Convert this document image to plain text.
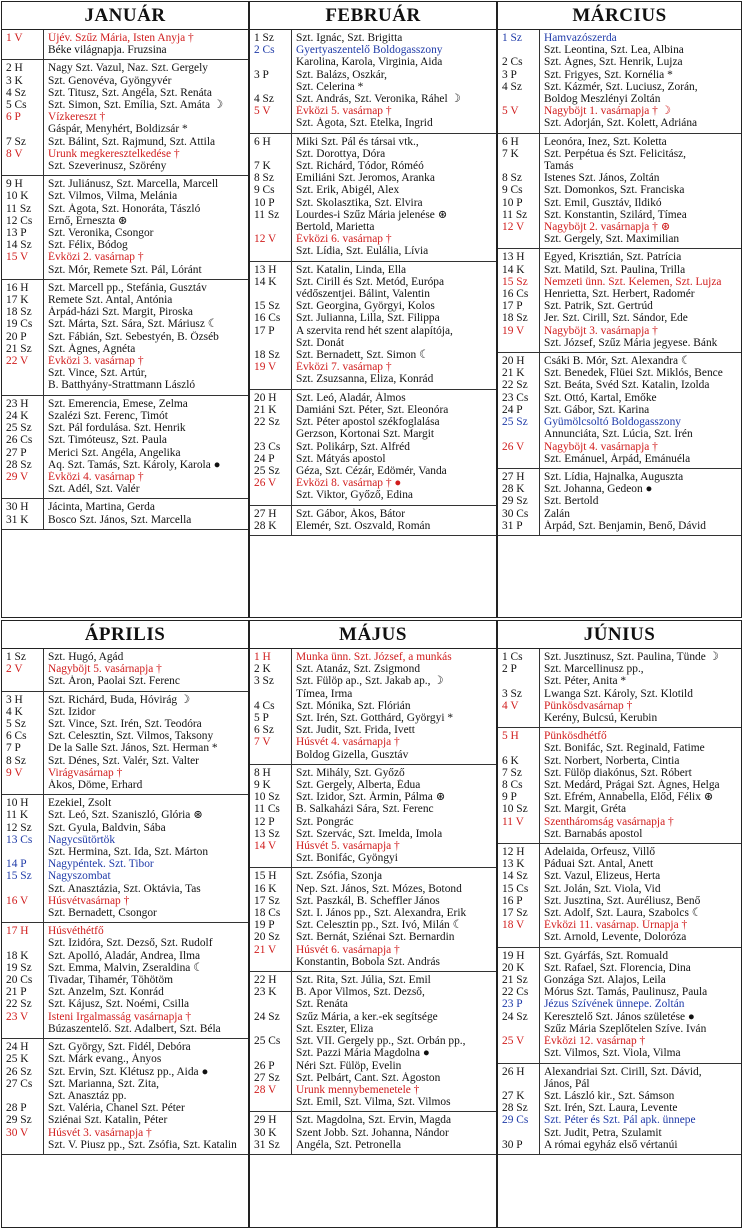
JANUÁR
1 V	Újév. Szűz Mária, Isten Anyja †
Béke világnapja. Fruzsina
2 H	Nagy Szt. Vazul, Naz. Szt. Gergely
3 K	Szt. Genovéva, Gyöngyvér
4 Sz	Szt. Titusz, Szt. Angéla, Szt. Renáta
5 Cs	Szt. Simon, Szt. Emília, Szt. Amáta ☽
6 P	Vízkereszt †
Gáspár, Menyhért, Boldizsár *
7 Sz	Szt. Bálint, Szt. Rajmund, Szt. Attila
8 V	Urunk megkeresztelkedése †
Szt. Szeverinusz, Szörény
9 H	Szt. Juliánusz, Szt. Marcella, Marcell
10 K	Szt. Vilmos, Vilma, Melánia
11 Sz	Szt. Ágota, Szt. Honoráta, Tászló
12 Cs	Ernő, Erneszta ⊛
13 P	Szt. Veronika, Csongor
14 Sz	Szt. Félix, Bódog
15 V	Évközi 2. vasárnap †
Szt. Mór, Remete Szt. Pál, Lóránt
16 H	Szt. Marcell pp., Stefánia, Gusztáv
17 K	Remete Szt. Antal, Antónia
18 Sz	Árpád-házi Szt. Margit, Piroska
19 Cs	Szt. Márta, Szt. Sára, Szt. Máriusz ☾
20 P	Szt. Fábián, Szt. Sebestyén, B. Özséb
21 Sz	Szt. Ágnes, Agnéta
22 V	Évközi 3. vasárnap †
Szt. Vince, Szt. Artúr,
B. Batthyány-Strattmann László
23 H	Szt. Emerencia, Emese, Zelma
24 K	Szalézi Szt. Ferenc, Timót
25 Sz	Szt. Pál fordulása. Szt. Henrik
26 Cs	Szt. Timóteusz, Szt. Paula
27 P	Merici Szt. Angéla, Angelika
28 Sz	Aq. Szt. Tamás, Szt. Károly, Karola ●
29 V	Évközi 4. vasárnap †
Szt. Adél, Szt. Valér
30 H	Jácinta, Martina, Gerda
31 K	Bosco Szt. János, Szt. Marcella
FEBRUÁR
1 Sz	Szt. Ignác, Szt. Brigitta
2 Cs	Gyertyaszentelő Boldogasszony
Karolina, Karola, Virginia, Aida
3 P	Szt. Balázs, Oszkár,
Szt. Celerina *
4 Sz	Szt. András, Szt. Veronika, Ráhel ☽
5 V	Évközi 5. vasárnap †
Szt. Ágota, Szt. Etelka, Ingrid
6 H	Miki Szt. Pál és társai vtk.,
Szt. Dorottya, Dóra
7 K	Szt. Richárd, Tódor, Róméó
8 Sz	Emiliáni Szt. Jeromos, Aranka
9 Cs	Szt. Erik, Abigél, Alex
10 P	Szt. Skolasztika, Szt. Elvira
11 Sz	Lourdes-i Szűz Mária jelenése ⊛
Bertold, Marietta
12 V	Évközi 6. vasárnap †
Szt. Lídia, Szt. Eulália, Lívia
13 H	Szt. Katalin, Linda, Ella
14 K	Szt. Cirill és Szt. Metód, Európa
védőszentjei. Bálint, Valentin
15 Sz	Szt. Georgina, Györgyi, Kolos
16 Cs	Szt. Julianna, Lilla, Szt. Filippa
17 P	A szervita rend hét szent alapítója,
Szt. Donát
18 Sz	Szt. Bernadett, Szt. Simon ☾
19 V	Évközi 7. vasárnap †
Szt. Zsuzsanna, Eliza, Konrád
20 H	Szt. Leó, Aladár, Álmos
21 K	Damiáni Szt. Péter, Szt. Eleonóra
22 Sz	Szt. Péter apostol székfoglalása
Gerzson, Kortonai Szt. Margit
23 Cs	Szt. Polikárp, Szt. Alfréd
24 P	Szt. Mátyás apostol
25 Sz	Géza, Szt. Cézár, Edömér, Vanda
26 V	Évközi 8. vasárnap † ●
Szt. Viktor, Győző, Edina
27 H	Szt. Gábor, Ákos, Bátor
28 K	Elemér, Szt. Oszvald, Román
MÁRCIUS
1 Sz	Hamvazószerda
Szt. Leontina, Szt. Lea, Albina
2 Cs	Szt. Ágnes, Szt. Henrik, Lujza
3 P	Szt. Frigyes, Szt. Kornélia *
4 Sz	Szt. Kázmér, Szt. Luciusz, Zorán,
Boldog Meszlényi Zoltán
5 V	Nagyböjt 1. vasárnapja † ☽
Szt. Adorján, Szt. Kolett, Adriána
6 H	Leonóra, Inez, Szt. Koletta
7 K	Szt. Perpétua és Szt. Felicitász,
Tamás
8 Sz	Istenes Szt. János, Zoltán
9 Cs	Szt. Domonkos, Szt. Franciska
10 P	Szt. Emil, Gusztáv, Ildikó
11 Sz	Szt. Konstantin, Szilárd, Tímea
12 V	Nagyböjt 2. vasárnapja † ⊛
Szt. Gergely, Szt. Maximilian
13 H	Egyed, Krisztián, Szt. Patrícia
14 K	Szt. Matild, Szt. Paulina, Trilla
15 Sz	Nemzeti ünn. Szt. Kelemen, Szt. Lujza
16 Cs	Henrietta, Szt. Herbert, Radomér
17 P	Szt. Patrik, Szt. Gertrúd
18 Sz	Jer. Szt. Cirill, Szt. Sándor, Ede
19 V	Nagyböjt 3. vasárnapja †
Szt. József, Szűz Mária jegyese. Bánk
20 H	Csáki B. Mór, Szt. Alexandra ☾
21 K	Szt. Benedek, Flüei Szt. Miklós, Bence
22 Sz	Szt. Beáta, Svéd Szt. Katalin, Izolda
23 Cs	Szt. Ottó, Kartal, Emőke
24 P	Szt. Gábor, Szt. Karina
25 Sz	Gyümölcsoltó Boldogasszony
Annunciáta, Szt. Lúcia, Szt. Irén
26 V	Nagyböjt 4. vasárnapja †
Szt. Emánuel, Árpád, Emánuéla
27 H	Szt. Lídia, Hajnalka, Auguszta
28 K	Szt. Johanna, Gedeon ●
29 Sz	Szt. Bertold
30 Cs	Zalán
31 P	Árpád, Szt. Benjamin, Benő, Dávid
ÁPRILIS
1 Sz	Szt. Hugó, Agád
2 V	Nagyböjt 5. vasárnapja †
Szt. Áron, Paolai Szt. Ferenc
3 H	Szt. Richárd, Buda, Hóvirág ☽
4 K	Szt. Izidor
5 Sz	Szt. Vince, Szt. Irén, Szt. Teodóra
6 Cs	Szt. Celesztin, Szt. Vilmos, Taksony
7 P	De la Salle Szt. János, Szt. Herman *
8 Sz	Szt. Dénes, Szt. Valér, Szt. Valter
9 V	Virágvasárnap †
Ákos, Döme, Erhard
10 H	Ezekiel, Zsolt
11 K	Szt. Leó, Szt. Szaniszló, Glória ⊛
12 Sz	Szt. Gyula, Baldvin, Sába
13 Cs	Nagycsütörtök
Szt. Hermina, Szt. Ida, Szt. Márton
14 P	Nagypéntek. Szt. Tibor
15 Sz	Nagyszombat
Szt. Anasztázia, Szt. Oktávia, Tas
16 V	Húsvétvasárnap †
Szt. Bernadett, Csongor
17 H	Húsvéthétfő
Szt. Izidóra, Szt. Dezső, Szt. Rudolf
18 K	Szt. Apolló, Aladár, Andrea, Ilma
19 Sz	Szt. Emma, Malvin, Zseraldina ☾
20 Cs	Tivadar, Tihamér, Töhötöm
21 P	Szt. Anzelm, Szt. Konrád
22 Sz	Szt. Kájusz, Szt. Noémi, Csilla
23 V	Isteni Irgalmasság vasárnapja †
Búzaszentelő. Szt. Adalbert, Szt. Béla
24 H	Szt. György, Szt. Fidél, Debóra
25 K	Szt. Márk evang., Ányos
26 Sz	Szt. Ervin, Szt. Klétusz pp., Aida ●
27 Cs	Szt. Marianna, Szt. Zita,
Szt. Anasztáz pp.
28 P	Szt. Valéria, Chanel Szt. Péter
29 Sz	Sziénai Szt. Katalin, Péter
30 V	Húsvét 3. vasárnapja †
Szt. V. Piusz pp., Szt. Zsófia, Szt. Katalin
MÁJUS
1 H	Munka ünn. Szt. József, a munkás
2 K	Szt. Atanáz, Szt. Zsigmond
3 Sz	Szt. Fülöp ap., Szt. Jakab ap., ☽
Tímea, Irma
4 Cs	Szt. Mónika, Szt. Flórián
5 P	Szt. Irén, Szt. Gotthárd, Györgyi *
6 Sz	Szt. Judit, Szt. Frida, Ivett
7 V	Húsvét 4. vasárnapja †
Boldog Gizella, Gusztáv
8 H	Szt. Mihály, Szt. Győző
9 K	Szt. Gergely, Alberta, Édua
10 Sz	Szt. Izidor, Szt. Ármin, Pálma ⊛
11 Cs	B. Salkaházi Sára, Szt. Ferenc
12 P	Szt. Pongrác
13 Sz	Szt. Szervác, Szt. Imelda, Imola
14 V	Húsvét 5. vasárnapja †
Szt. Bonifác, Gyöngyi
15 H	Szt. Zsófia, Szonja
16 K	Nep. Szt. János, Szt. Mózes, Botond
17 Sz	Szt. Paszkál, B. Scheffler János
18 Cs	Szt. I. János pp., Szt. Alexandra, Erik
19 P	Szt. Celesztin pp., Szt. Ivó, Milán ☾
20 Sz	Szt. Bernát, Sziénai Szt. Bernardin
21 V	Húsvét 6. vasárnapja †
Konstantin, Bobola Szt. András
22 H	Szt. Rita, Szt. Júlia, Szt. Emil
23 K	B. Apor Vilmos, Szt. Dezső,
Szt. Renáta
24 Sz	Szűz Mária, a ker.-ek segítsége
Szt. Eszter, Eliza
25 Cs	Szt. VII. Gergely pp., Szt. Orbán pp.,
Szt. Pazzi Mária Magdolna ●
26 P	Néri Szt. Fülöp, Evelin
27 Sz	Szt. Pelbárt, Cant. Szt. Ágoston
28 V	Urunk mennybemenetele †
Szt. Emil, Szt. Vilma, Szt. Vilmos
29 H	Szt. Magdolna, Szt. Ervin, Magda
30 K	Szent Jobb. Szt. Johanna, Nándor
31 Sz	Angéla, Szt. Petronella
JÚNIUS
1 Cs	Szt. Jusztinusz, Szt. Paulina, Tünde ☽
2 P	Szt. Marcellinusz pp.,
Szt. Péter, Anita *
3 Sz	Lwanga Szt. Károly, Szt. Klotild
4 V	Pünkösdvasárnap †
Kerény, Bulcsú, Kerubin
5 H	Pünkösdhétfő
Szt. Bonifác, Szt. Reginald, Fatime
6 K	Szt. Norbert, Norberta, Cintia
7 Sz	Szt. Fülöp diakónus, Szt. Róbert
8 Cs	Szt. Medárd, Prágai Szt. Ágnes, Helga
9 P	Szt. Efrém, Annabella, Előd, Félix ⊛
10 Sz	Szt. Margit, Gréta
11 V	Szentháromság vasárnapja †
Szt. Barnabás apostol
12 H	Adelaida, Orfeusz, Villő
13 K	Páduai Szt. Antal, Anett
14 Sz	Szt. Vazul, Elizeus, Herta
15 Cs	Szt. Jolán, Szt. Viola, Vid
16 P	Szt. Jusztina, Szt. Auréliusz, Benő
17 Sz	Szt. Adolf, Szt. Laura, Szabolcs ☾
18 V	Évközi 11. vasárnap. Úrnapja †
Szt. Arnold, Levente, Doloróza
19 H	Szt. Gyárfás, Szt. Romuald
20 K	Szt. Rafael, Szt. Florencia, Dina
21 Sz	Gonzága Szt. Alajos, Leila
22 Cs	Mórus Szt. Tamás, Paulinusz, Paula
23 P	Jézus Szívének ünnepe. Zoltán
24 Sz	Keresztelő Szt. János születése ●
Szűz Mária Szeplőtelen Szíve. Iván
25 V	Évközi 12. vasárnap †
Szt. Vilmos, Szt. Viola, Vilma
26 H	Alexandriai Szt. Cirill, Szt. Dávid,
János, Pál
27 K	Szt. László kir., Szt. Sámson
28 Sz	Szt. Irén, Szt. Laura, Levente
29 Cs	Szt. Péter és Szt. Pál apk. ünnepe
Szt. Judit, Petra, Szulamit
30 P	A római egyház első vértanúi
